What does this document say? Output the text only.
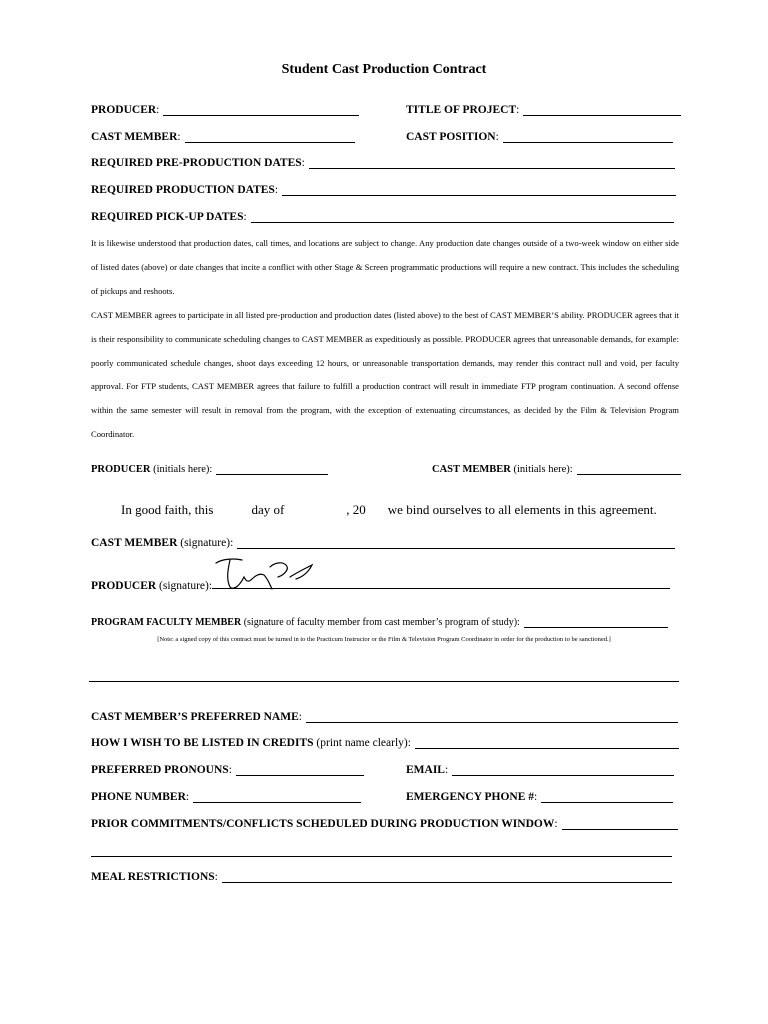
Student Cast Production Contract
PRODUCER :	TITLE OF PROJECT :
CAST MEMBER :	CAST POSITION :
REQUIRED PRE-PRODUCTION DATES :
REQUIRED PRODUCTION DATES :
REQUIRED PICK-UP DATES :

It is likewise understood that production dates, call times, and locations are subject to change. Any production date changes outside of a two-week window on either side of listed dates (above) or date changes that incite a conflict with other Stage & Screen programmatic productions will require a new contract. This includes the scheduling of pickups and reshoots.

CAST MEMBER agrees to participate in all listed pre-production and production dates (listed above) to the best of CAST MEMBER’S ability. PRODUCER agrees that it is their responsibility to communicate scheduling changes to CAST MEMBER as expeditiously as possible. PRODUCER agrees that unreasonable demands, for example: poorly communicated schedule changes, shoot days exceeding 12 hours, or unreasonable transportation demands, may render this contract null and void, per faculty approval. For FTP students, CAST MEMBER agrees that failure to fulfill a production contract will result in immediate FTP program continuation. A second offense within the same semester will result in removal from the program, with the exception of extenuating circumstances, as decided by the Film & Television Program Coordinator.

PRODUCER
(initials here):	CAST MEMBER
(initials here):
In good faith, this	day of	, 20 we bind ourselves to all elements in this agreement.
CAST MEMBER
(signature):
PRODUCER
(signature):
PROGRAM FACULTY MEMBER
(signature of faculty member from cast member’s program of study):
[Note: a signed copy of this contract must be turned in to the Practicum Instructor or the Film & Television Program Coordinator in order for the production to be sanctioned.]
CAST MEMBER’S PREFERRED NAME :
HOW I WISH TO BE LISTED IN CREDITS
(print name clearly):
PREFERRED PRONOUNS :	EMAIL :
PHONE NUMBER :	EMERGENCY PHONE # :
PRIOR COMMITMENTS/CONFLICTS SCHEDULED DURING PRODUCTION WINDOW :
MEAL RESTRICTIONS :
